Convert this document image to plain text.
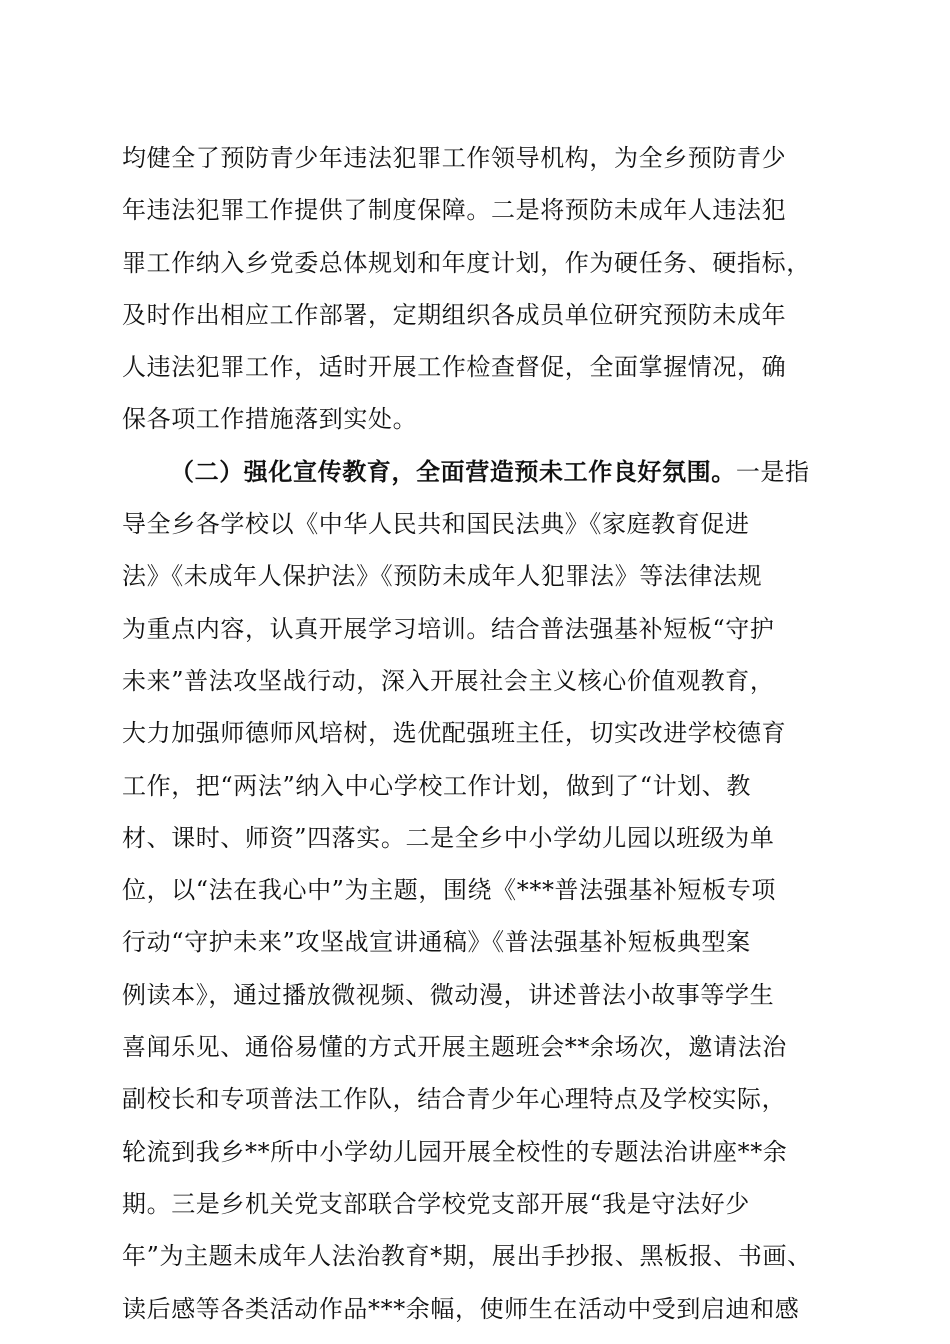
均健全了预防青少年违法犯罪工作领导机构，为全乡预防青少
年违法犯罪工作提供了制度保障。二是将预防未成年人违法犯
罪工作纳入乡党委总体规划和年度计划，作为硬任务、硬指标，
及时作出相应工作部署，定期组织各成员单位研究预防未成年
人违法犯罪工作，适时开展工作检查督促，全面掌握情况，确
保各项工作措施落到实处。
（二）强化宣传教育，全面营造预未工作良好氛围。一是指
导全乡各学校以《中华人民共和国民法典》《家庭教育促进
法》《未成年人保护法》《预防未成年人犯罪法》等法律法规
为重点内容，认真开展学习培训。结合普法强基补短板“守护
未来”普法攻坚战行动，深入开展社会主义核心价值观教育，
大力加强师德师风培树，选优配强班主任，切实改进学校德育
工作，把“两法”纳入中心学校工作计划，做到了“计划、教
材、课时、师资”四落实。二是全乡中小学幼儿园以班级为单
位，以“法在我心中”为主题，围绕《***普法强基补短板专项
行动“守护未来”攻坚战宣讲通稿》《普法强基补短板典型案
例读本》，通过播放微视频、微动漫，讲述普法小故事等学生
喜闻乐见、通俗易懂的方式开展主题班会**余场次，邀请法治
副校长和专项普法工作队，结合青少年心理特点及学校实际，
轮流到我乡**所中小学幼儿园开展全校性的专题法治讲座**余
期。三是乡机关党支部联合学校党支部开展“我是守法好少
年”为主题未成年人法治教育*期，展出手抄报、黑板报、书画、
读后感等各类活动作品***余幅，使师生在活动中受到启迪和感
